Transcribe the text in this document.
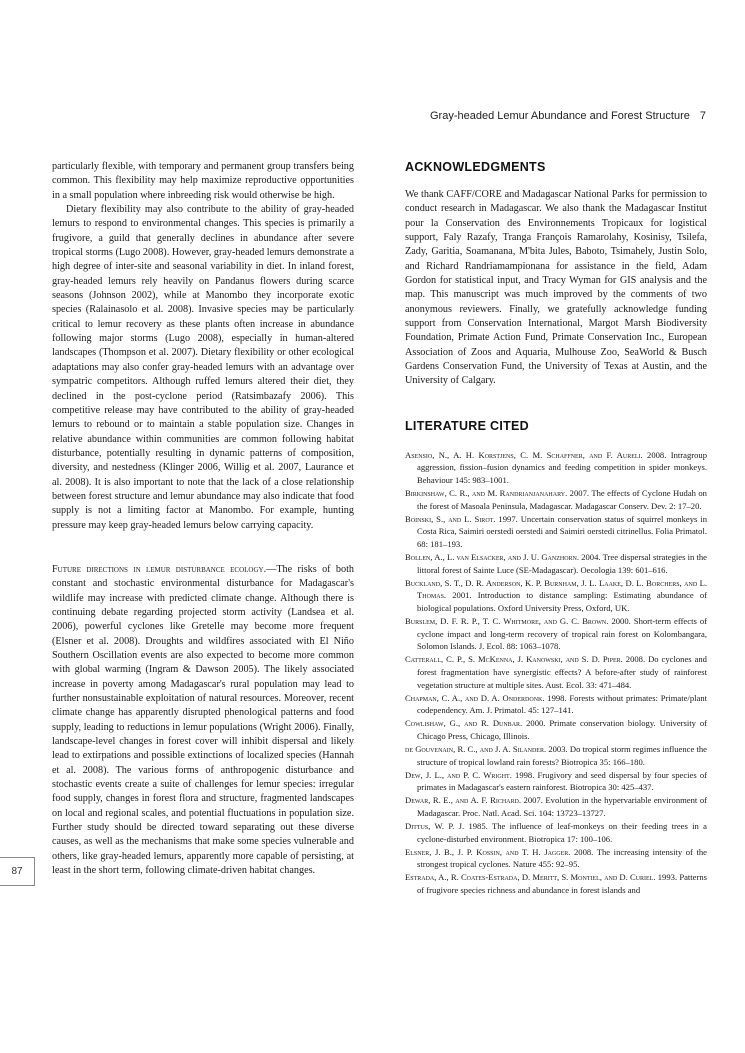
Gray-headed Lemur Abundance and Forest Structure 7
87

particularly flexible, with temporary and permanent group transfers being common. This flexibility may help maximize reproductive opportunities in a small population where inbreeding risk would otherwise be high.

Dietary flexibility may also contribute to the ability of gray-headed lemurs to respond to environmental changes. This species is primarily a frugivore, a guild that generally declines in abundance after severe tropical storms (Lugo 2008). However, gray-headed lemurs demonstrate a high degree of inter-site and seasonal variability in diet. In inland forest, gray-headed lemurs rely heavily on Pandanus flowers during scarce seasons (Johnson 2002), while at Manombo they incorporate exotic species (Ralainasolo et al. 2008). Invasive species may be particularly critical to lemur recovery as these plants often increase in abundance following major storms (Lugo 2008), especially in human-altered landscapes (Thompson et al. 2007). Dietary flexibility or other ecological adaptations may also confer gray-headed lemurs with an advantage over sympatric competitors. Although ruffed lemurs altered their diet, they declined in the post-cyclone period (Ratsimbazafy 2006). This competitive release may have contributed to the ability of gray-headed lemurs to rebound or to maintain a stable population size. Changes in relative abundance within communities are common following habitat disturbance, potentially resulting in dynamic patterns of composition, diversity, and nestedness (Klinger 2006, Willig et al. 2007, Laurance et al. 2008). It is also important to note that the lack of a close relationship between forest structure and lemur abundance may also indicate that food supply is not a limiting factor at Manombo. For example, hunting pressure may keep gray-headed lemurs below carrying capacity.

Future directions in lemur disturbance ecology.—The risks of both constant and stochastic environmental disturbance for Madagascar's wildlife may increase with predicted climate change. Although there is continuing debate regarding projected storm activity (Landsea et al. 2006), powerful cyclones like Gretelle may become more frequent (Elsner et al. 2008). Droughts and wildfires associated with El Niño Southern Oscillation events are also expected to become more common with global warming (Ingram & Dawson 2005). The likely associated increase in poverty among Madagascar's rural population may lead to further nonsustainable exploitation of natural resources. Moreover, recent climate change has apparently disrupted phenological patterns and food supply, leading to reductions in lemur populations (Wright 2006). Finally, landscape-level changes in forest cover will inhibit dispersal and likely lead to extirpations and possible extinctions of localized species (Hannah et al. 2008). The various forms of anthropogenic disturbance and stochastic events create a suite of challenges for lemur species: irregular food supply, changes in forest flora and structure, fragmented landscapes on local and regional scales, and potential fluctuations in population size. Further study should be directed toward separating out these diverse causes, as well as the mechanisms that make some species vulnerable and others, like gray-headed lemurs, apparently more capable of persisting, at least in the short term, following climate-driven habitat changes.

ACKNOWLEDGMENTS

We thank CAFF/CORE and Madagascar National Parks for permission to conduct research in Madagascar. We also thank the Madagascar Institut pour la Conservation des Environnements Tropicaux for logistical support, Faly Razafy, Tranga François Ramarolahy, Kosinisy, Tsilefa, Zady, Garitia, Soamanana, M'bita Jules, Baboto, Tsimahely, Justin Solo, and Richard Randriamampionana for assistance in the field, Adam Gordon for statistical input, and Tracy Wyman for GIS analysis and the map. This manuscript was much improved by the comments of two anonymous reviewers. Finally, we gratefully acknowledge funding support from Conservation International, Margot Marsh Biodiversity Foundation, Primate Action Fund, Primate Conservation Inc., European Association of Zoos and Aquaria, Mulhouse Zoo, SeaWorld & Busch Gardens Conservation Fund, the University of Texas at Austin, and the University of Calgary.

LITERATURE CITED
Asensio, N., A. H. Korstjens, C. M. Schaffner, and F. Aureli. 2008. Intragroup aggression, fission–fusion dynamics and feeding competition in spider monkeys. Behaviour 145: 983–1001.
Birkinshaw, C. R., and M. Randrianjanahary. 2007. The effects of Cyclone Hudah on the forest of Masoala Peninsula, Madagascar. Madagascar Conserv. Dev. 2: 17–20.
Boinski, S., and L. Sirot. 1997. Uncertain conservation status of squirrel monkeys in Costa Rica, Saimiri oerstedi oerstedi and Saimiri oerstedi citrinellus. Folia Primatol. 68: 181–193.
Bollen, A., L. van Elsacker, and J. U. Ganzhorn. 2004. Tree dispersal strategies in the littoral forest of Sainte Luce (SE-Madagascar). Oecologia 139: 601–616.
Buckland, S. T., D. R. Anderson, K. P. Burnham, J. L. Laake, D. L. Borchers, and L. Thomas. 2001. Introduction to distance sampling: Estimating abundance of biological populations. Oxford University Press, Oxford, UK.
Burslem, D. F. R. P., T. C. Whitmore, and G. C. Brown. 2000. Short-term effects of cyclone impact and long-term recovery of tropical rain forest on Kolombangara, Solomon Islands. J. Ecol. 88: 1063–1078.
Catterall, C. P., S. McKenna, J. Kanowski, and S. D. Piper. 2008. Do cyclones and forest fragmentation have synergistic effects? A before-after study of rainforest vegetation structure at multiple sites. Aust. Ecol. 33: 471–484.
Chapman, C. A., and D. A. Onderdonk. 1998. Forests without primates: Primate/plant codependency. Am. J. Primatol. 45: 127–141.
Cowlishaw, G., and R. Dunbar. 2000. Primate conservation biology. University of Chicago Press, Chicago, Illinois.
de Gouvenain, R. C., and J. A. Silander. 2003. Do tropical storm regimes influence the structure of tropical lowland rain forests? Biotropica 35: 166–180.
Dew, J. L., and P. C. Wright. 1998. Frugivory and seed dispersal by four species of primates in Madagascar's eastern rainforest. Biotropica 30: 425–437.
Dewar, R. E., and A. F. Richard. 2007. Evolution in the hypervariable environment of Madagascar. Proc. Natl. Acad. Sci. 104: 13723–13727.
Dittus, W. P. J. 1985. The influence of leaf-monkeys on their feeding trees in a cyclone-disturbed environment. Biotropica 17: 100–106.
Elsner, J. B., J. P. Kossin, and T. H. Jagger. 2008. The increasing intensity of the strongest tropical cyclones. Nature 455: 92–95.
Estrada, A., R. Coates-Estrada, D. Meritt, S. Montiel, and D. Curiel. 1993. Patterns of frugivore species richness and abundance in forest islands and
